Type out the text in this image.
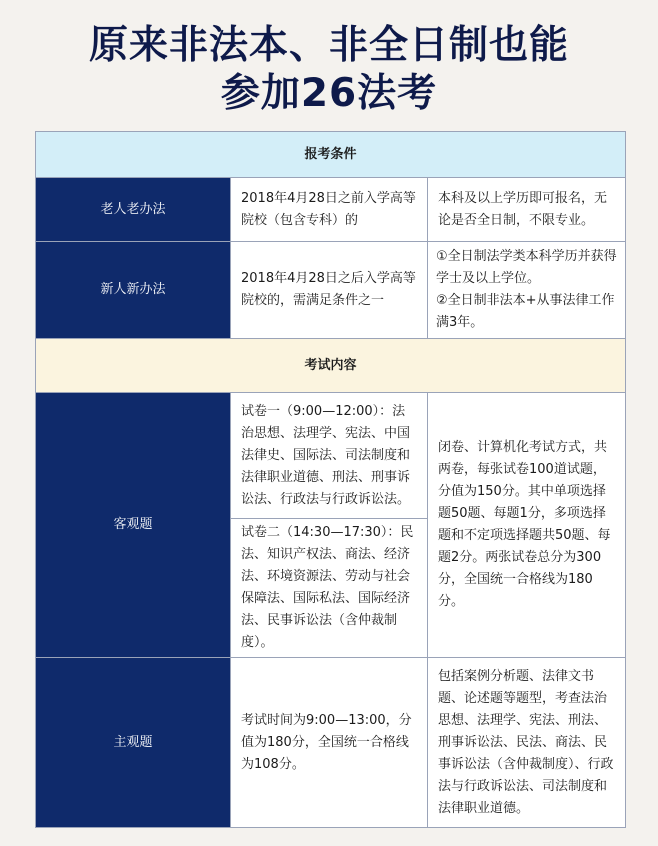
原来非法本、非全日制也能
参加26法考
报考条件		
老人老办法	2018年4月28日之前入学高等院校（包含专科）的	本科及以上学历即可报名，无论是否全日制，不限专业。
新人新办法	2018年4月28日之后入学高等院校的，需满足条件之一	①全日制法学类本科学历并获得学士及以上学位。
②全日制非法本+从事法律工作满3年。

考试内容		
客观题	试卷一（9:00—12:00）：法治思想、法理学、宪法、中国法律史、国际法、司法制度和法律职业道德、刑法、刑事诉讼法、行政法与行政诉讼法。	闭卷、计算机化考试方式，共两卷，每张试卷100道试题，分值为150分。其中单项选择题50题、每题1分，多项选择题和不定项选择题共50题、每题2分。两张试卷总分为300分，全国统一合格线为180分。
	试卷二（14:30—17:30）：民法、知识产权法、商法、经济法、环境资源法、劳动与社会保障法、国际私法、国际经济法、民事诉讼法（含仲裁制度）。	
主观题	考试时间为9:00—13:00，分值为180分，全国统一合格线为108分。	包括案例分析题、法律文书题、论述题等题型，考查法治思想、法理学、宪法、刑法、刑事诉讼法、民法、商法、民事诉讼法（含仲裁制度）、行政法与行政诉讼法、司法制度和法律职业道德。
